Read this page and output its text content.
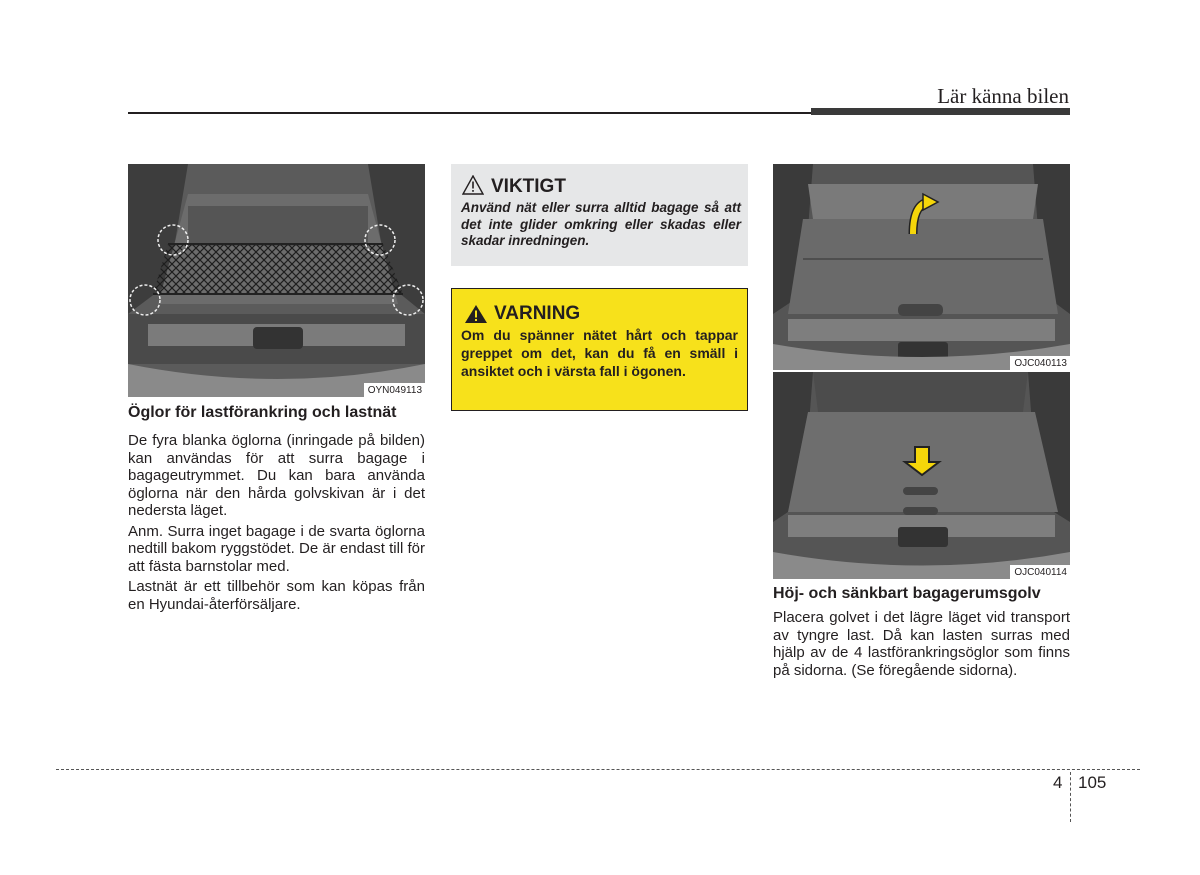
Lär känna bilen
OYN049113

Öglor för lastförankring och lastnät

De fyra blanka öglorna (inringade på bilden) kan användas för att surra bagage i bagageutrymmet. Du kan bara använda öglorna när den hårda golvskivan är i det nedersta läget.

Anm. Surra inget bagage i de svarta öglorna nedtill bakom ryggstödet. De är endast till för att fästa barnstolar med.

Lastnät är ett tillbehör som kan köpas från en Hyundai-återförsäljare.

VIKTIGT
Använd nät eller surra alltid bagage så att det inte glider omkring eller skadas eller skadar inredningen.
VARNING
Om du spänner nätet hårt och tappar greppet om det, kan du få en smäll i ansiktet och i värsta fall i ögonen.	OJC040113
OJC040114

Höj- och sänkbart bagagerumsgolv

Placera golvet i det lägre läget vid transport av tyngre last. Då kan lasten surras med hjälp av de 4 lastförankringsöglor som finns på sidorna. (Se föregående sidorna).

4 105
